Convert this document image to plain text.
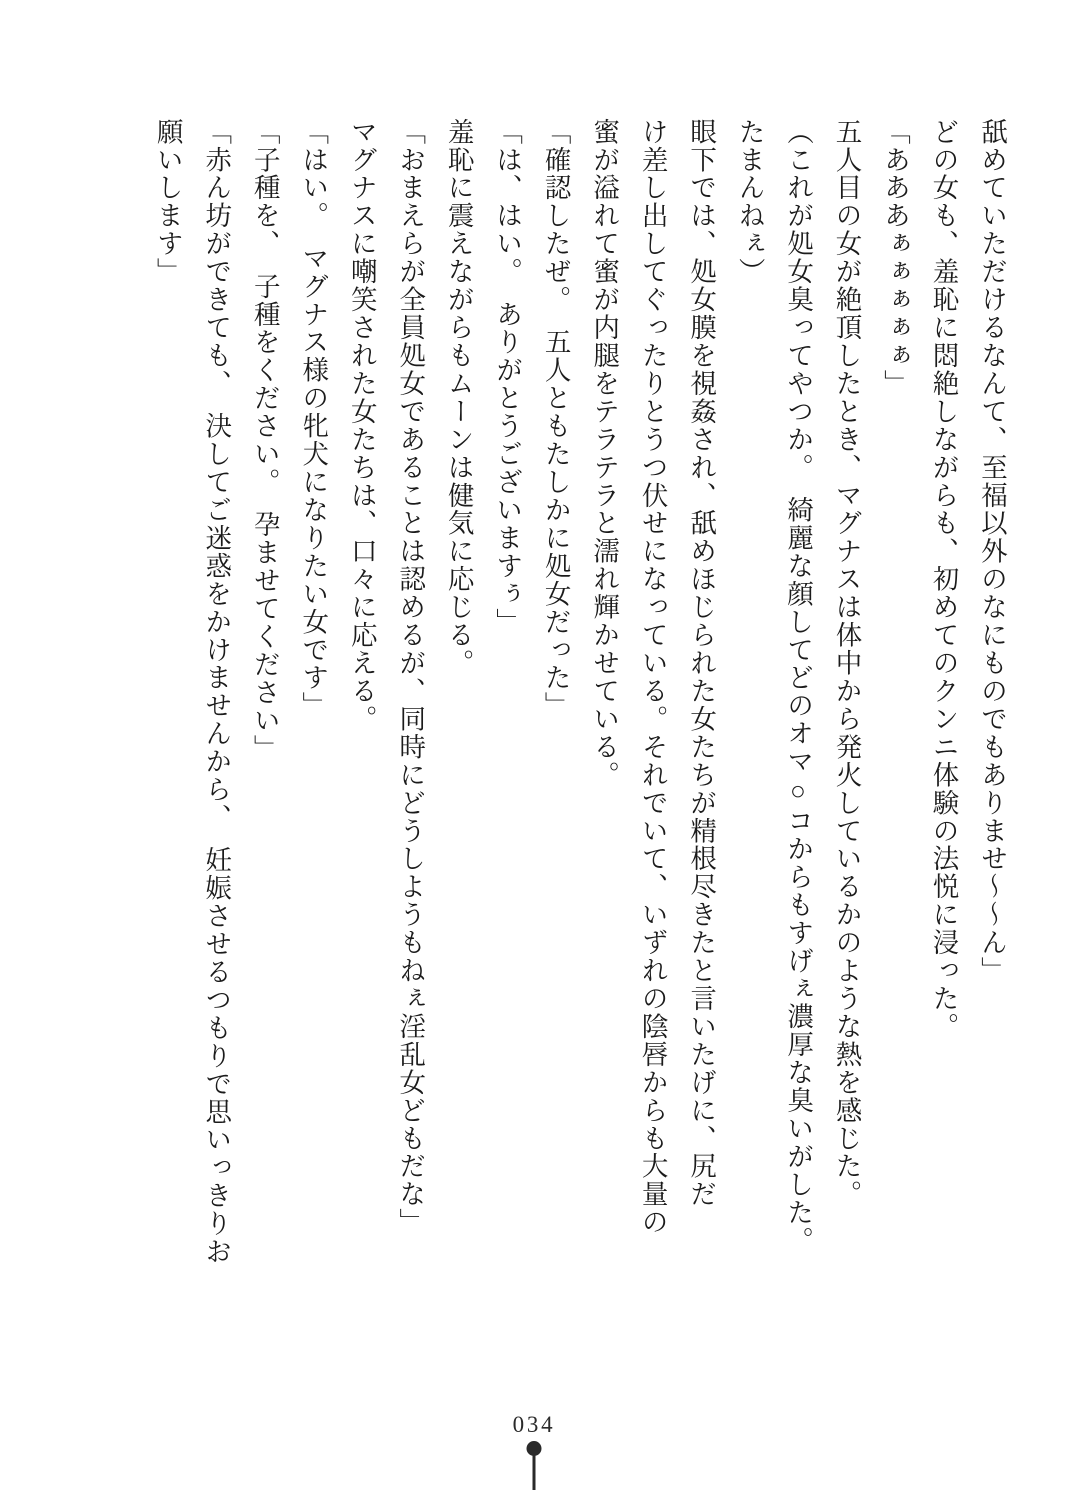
舐めていただけるなんて、至福以外のなにものでもありませ～～ん」

どの女も、羞恥に悶絶しながらも、初めてのクンニ体験の法悦に浸った。

「あああぁぁぁぁぁ」

五人目の女が絶頂したとき、マグナスは体中から発火しているかのような熱を感じた。

（これが処女臭ってやつか。　綺麗な顔してどのオマ○コからもすげぇ濃厚な臭いがした。

たまんねぇ）

眼下では、処女膜を視姦され、舐めほじられた女たちが精根尽きたと言いたげに、尻だ

け差し出してぐったりとうつ伏せになっている。それでいて、いずれの陰唇からも大量の

蜜が溢れて蜜が内腿をテラテラと濡れ輝かせている。

「確認したぜ。　五人ともたしかに処女だった」

「は、はい。　ありがとうございますぅ」

羞恥に震えながらもムーンは健気に応じる。

「おまえらが全員処女であることは認めるが、同時にどうしようもねぇ淫乱女どもだな」

マグナスに嘲笑された女たちは、口々に応える。

「はい。　マグナス様の牝犬になりたい女です」

「子種を、　子種をください。　孕ませてください」

「赤ん坊ができても、　決してご迷惑をかけませんから、　妊娠させるつもりで思いっきりお

願いします」

034
